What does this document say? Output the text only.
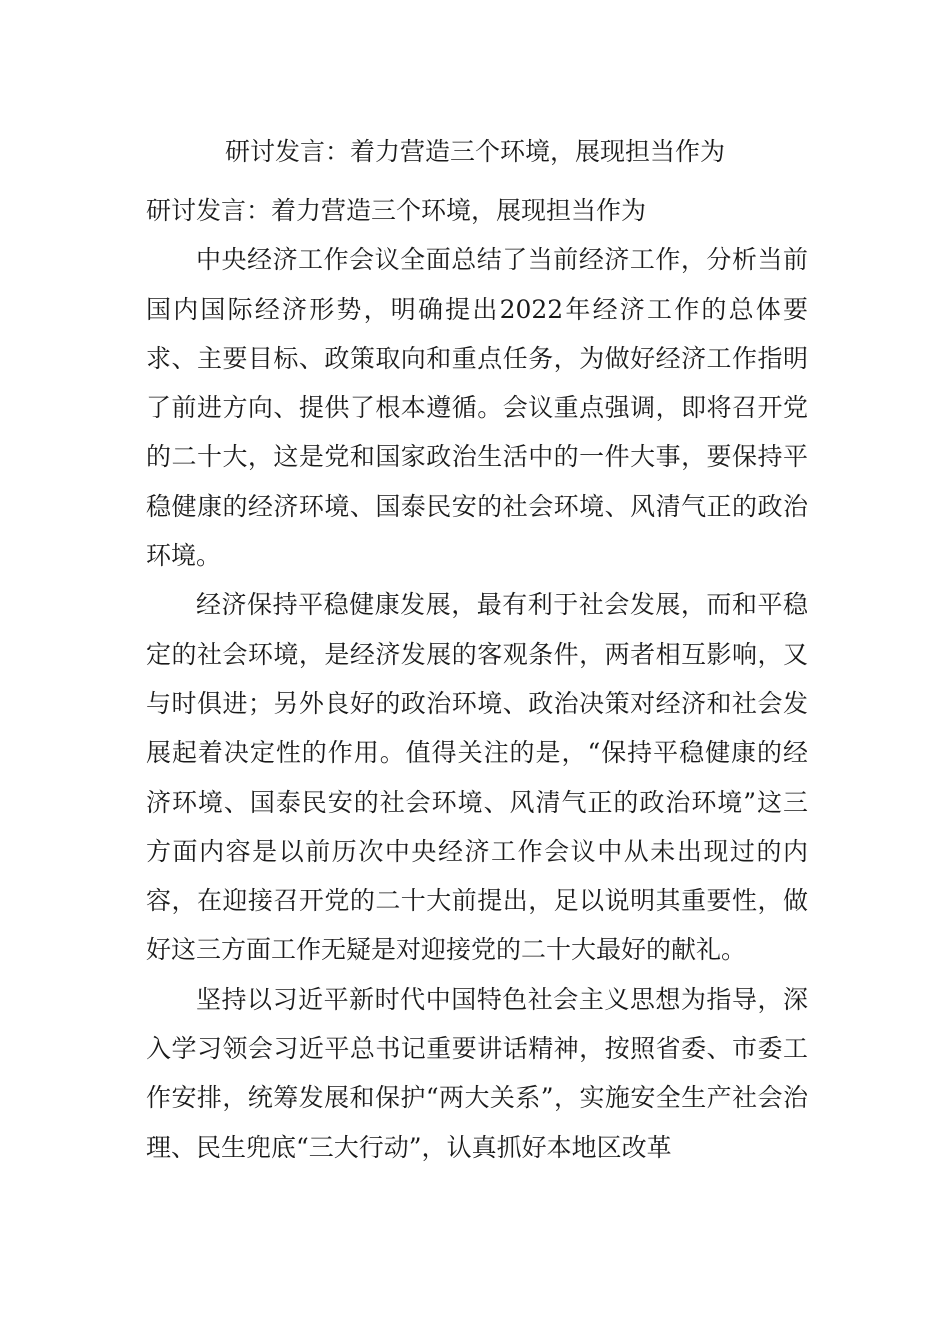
研讨发言：着力营造三个环境，展现担当作为

研讨发言：着力营造三个环境，展现担当作为

中央经济工作会议全面总结了当前经济工作，分析当前国内国际经济形势，明确提出2022年经济工作的总体要求、主要目标、政策取向和重点任务，为做好经济工作指明了前进方向、提供了根本遵循。会议重点强调，即将召开党的二十大，这是党和国家政治生活中的一件大事，要保持平稳健康的经济环境、国泰民安的社会环境、风清气正的政治环境。

经济保持平稳健康发展，最有利于社会发展，而和平稳定的社会环境，是经济发展的客观条件，两者相互影响，又与时俱进；另外良好的政治环境、政治决策对经济和社会发展起着决定性的作用。值得关注的是，“保持平稳健康的经济环境、国泰民安的社会环境、风清气正的政治环境”这三方面内容是以前历次中央经济工作会议中从未出现过的内容，在迎接召开党的二十大前提出，足以说明其重要性，做好这三方面工作无疑是对迎接党的二十大最好的献礼。

坚持以习近平新时代中国特色社会主义思想为指导，深入学习领会习近平总书记重要讲话精神，按照省委、市委工作安排，统筹发展和保护“两大关系”，实施安全生产社会治理、民生兜底“三大行动”，认真抓好本地区改革
